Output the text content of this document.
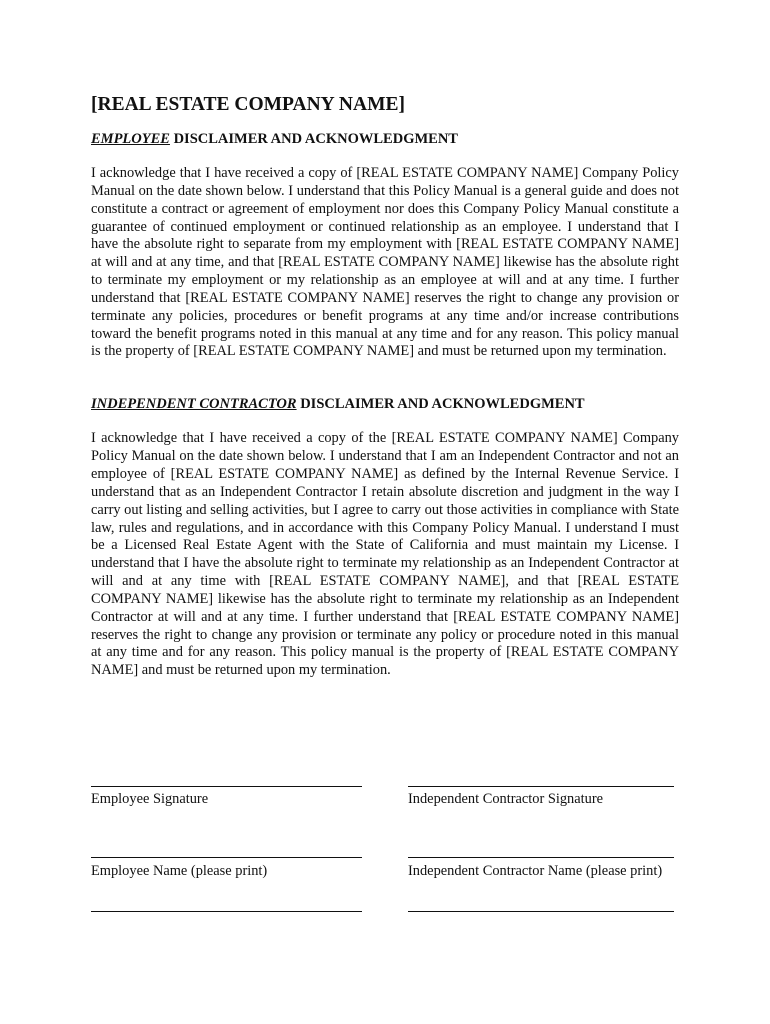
[REAL ESTATE COMPANY NAME]
EMPLOYEE DISCLAIMER AND ACKNOWLEDGMENT

I acknowledge that I have received a copy of [REAL ESTATE COMPANY NAME] Company Policy Manual on the date shown below. I understand that this Policy Manual is a general guide and does not constitute a contract or agreement of employment nor does this Company Policy Manual constitute a guarantee of continued employment or continued relationship as an employee. I understand that I have the absolute right to separate from my employment with [REAL ESTATE COMPANY NAME] at will and at any time, and that [REAL ESTATE COMPANY NAME] likewise has the absolute right to terminate my employment or my relationship as an employee at will and at any time. I further understand that [REAL ESTATE COMPANY NAME] reserves the right to change any provision or terminate any policies, procedures or benefit programs at any time and/or increase contributions toward the benefit programs noted in this manual at any time and for any reason. This policy manual is the property of [REAL ESTATE COMPANY NAME] and must be returned upon my termination.

INDEPENDENT CONTRACTOR DISCLAIMER AND ACKNOWLEDGMENT

I acknowledge that I have received a copy of the [REAL ESTATE COMPANY NAME] Company Policy Manual on the date shown below. I understand that I am an Independent Contractor and not an employee of [REAL ESTATE COMPANY NAME] as defined by the Internal Revenue Service. I understand that as an Independent Contractor I retain absolute discretion and judgment in the way I carry out listing and selling activities, but I agree to carry out those activities in compliance with State law, rules and regulations, and in accordance with this Company Policy Manual. I understand I must be a Licensed Real Estate Agent with the State of California and must maintain my License. I understand that I have the absolute right to terminate my relationship as an Independent Contractor at will and at any time with [REAL ESTATE COMPANY NAME], and that [REAL ESTATE COMPANY NAME] likewise has the absolute right to terminate my relationship as an Independent Contractor at will and at any time. I further understand that [REAL ESTATE COMPANY NAME] reserves the right to change any provision or terminate any policy or procedure noted in this manual at any time and for any reason. This policy manual is the property of [REAL ESTATE COMPANY NAME] and must be returned upon my termination.

Employee Signature	Independent Contractor Signature
Employee Name (please print)	Independent Contractor Name (please print)
